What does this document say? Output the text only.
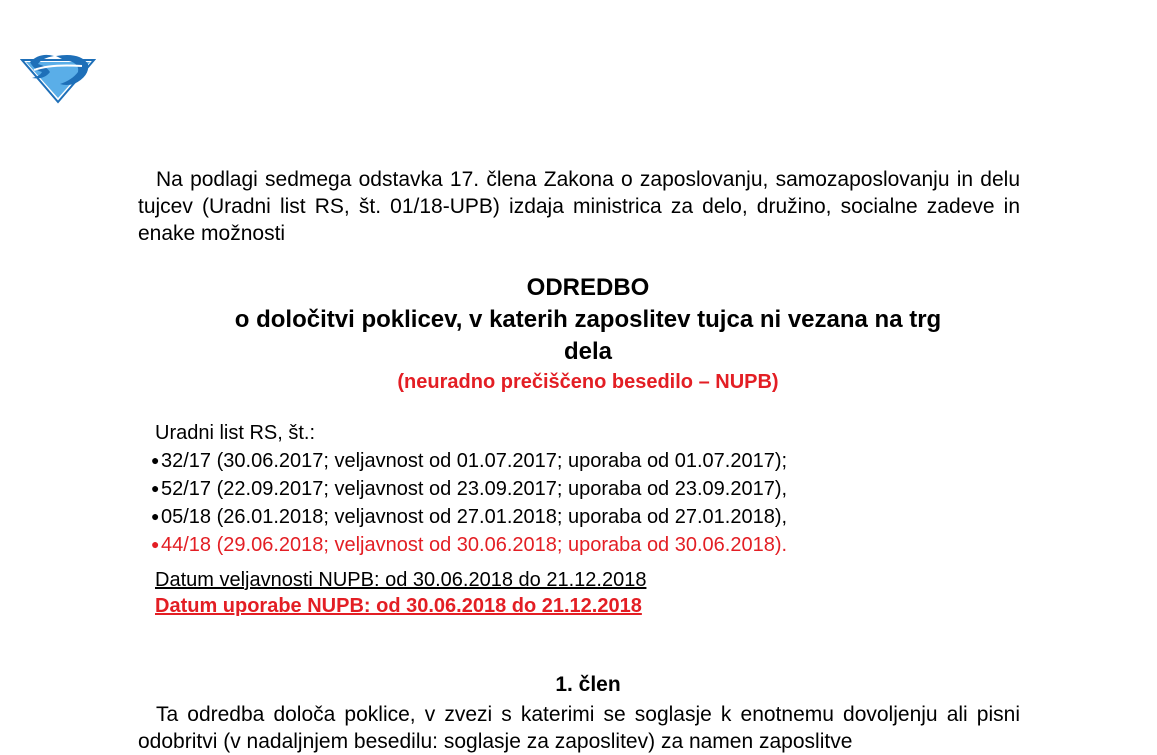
Na podlagi sedmega odstavka 17. člena Zakona o zaposlovanju, samozaposlovanju in delu tujcev (Uradni list RS, št. 01/18-UPB) izdaja ministrica za delo, družino, socialne zadeve in enake možnosti
ODREDBO
o določitvi poklicev, v katerih zaposlitev tujca ni vezana na trg
dela
(neuradno prečiščeno besedilo – NUPB)
Uradni list RS, št.:
●32/17 (30.06.2017; veljavnost od 01.07.2017; uporaba od 01.07.2017);
●52/17 (22.09.2017; veljavnost od 23.09.2017; uporaba od 23.09.2017),
●05/18 (26.01.2018; veljavnost od 27.01.2018; uporaba od 27.01.2018),
●44/18 (29.06.2018; veljavnost od 30.06.2018; uporaba od 30.06.2018).
Datum veljavnosti NUPB: od 30.06.2018 do 21.12.2018
Datum uporabe NUPB: od 30.06.2018 do 21.12.2018
1. člen
Ta odredba določa poklice, v zvezi s katerimi se soglasje k enotnemu dovoljenju ali pisni odobritvi (v nadaljnjem besedilu: soglasje za zaposlitev) za namen zaposlitve
